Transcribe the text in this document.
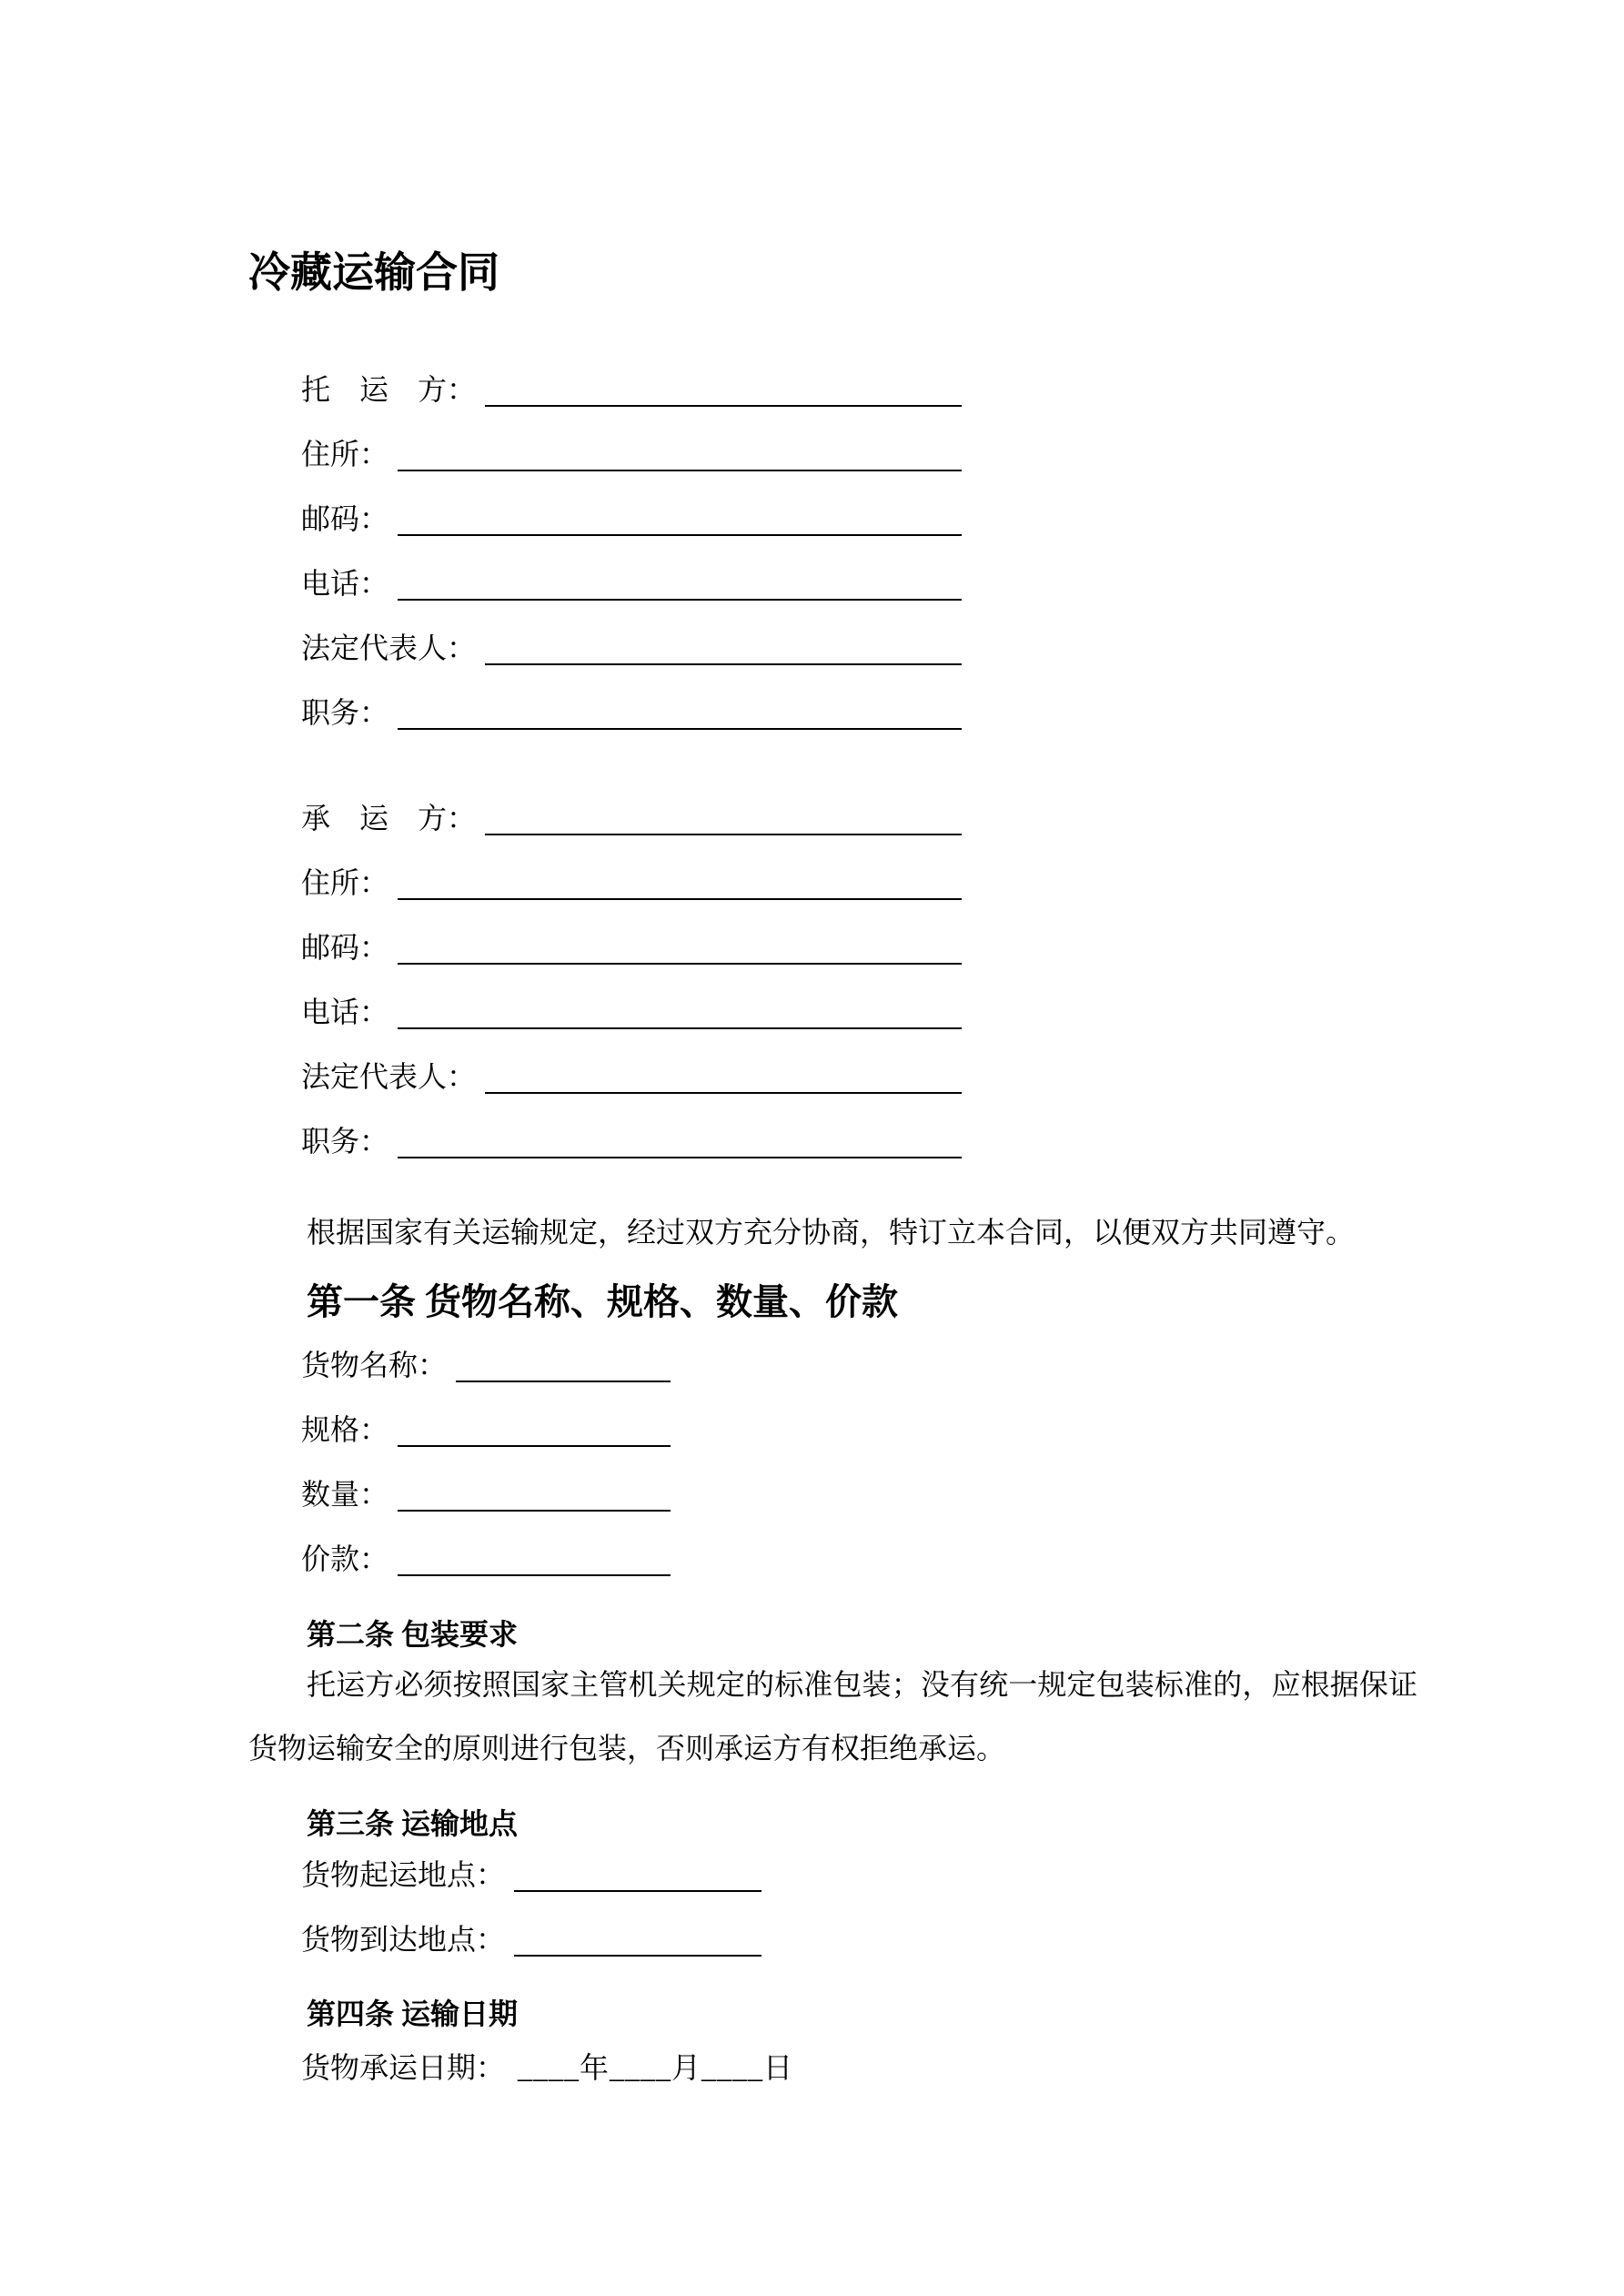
冷藏运输合同
托　运　方：
住所：
邮码：
电话：
法定代表人：
职务：
承　运　方：
住所：
邮码：
电话：
法定代表人：
职务：

根据国家有关运输规定，经过双方充分协商，特订立本合同，以便双方共同遵守。

第一条 货物名称、规格、数量、价款
货物名称：
规格：
数量：
价款：
第二条 包装要求

托运方必须按照国家主管机关规定的标准包装；没有统一规定包装标准的，应根据保证货物运输安全的原则进行包装，否则承运方有权拒绝承运。

第三条 运输地点
货物起运地点：
货物到达地点：
第四条 运输日期
货物承运日期： ____年____月____日
